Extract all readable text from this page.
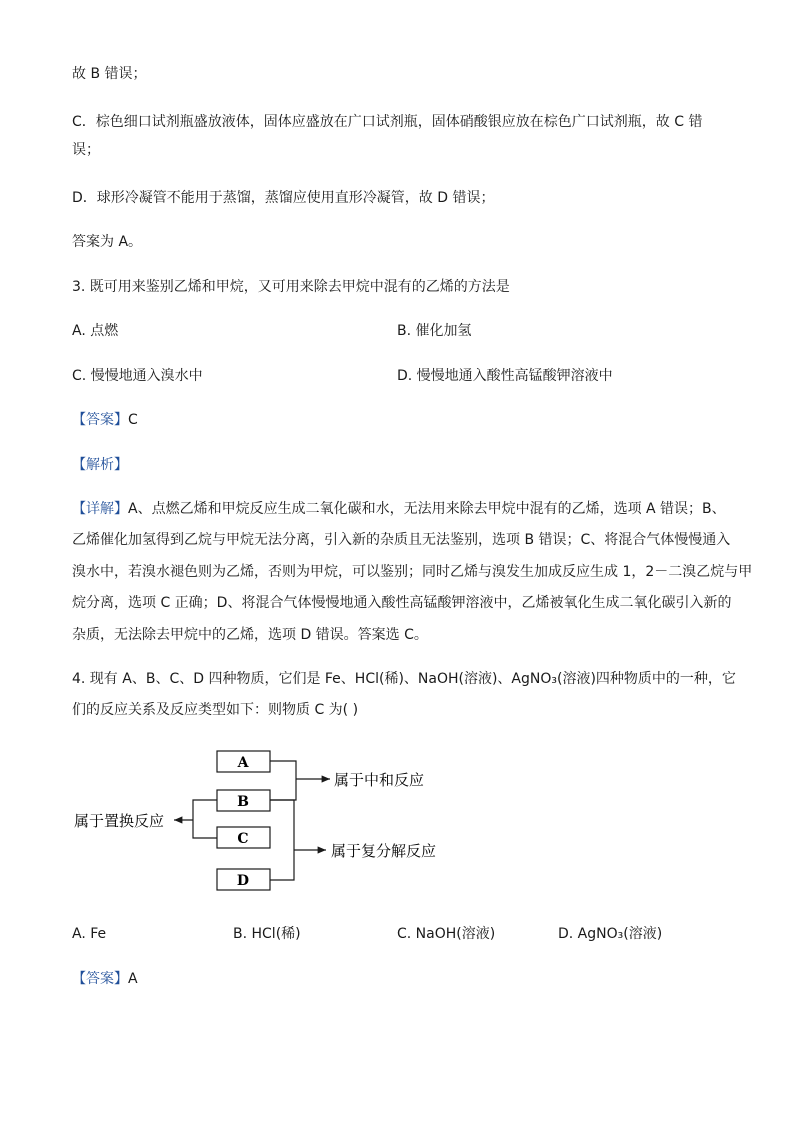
故 B 错误；
C．棕色细口试剂瓶盛放液体，固体应盛放在广口试剂瓶，固体硝酸银应放在棕色广口试剂瓶，故 C 错
误；
D．球形冷凝管不能用于蒸馏，蒸馏应使用直形冷凝管，故 D 错误；
答案为 A。
3. 既可用来鉴别乙烯和甲烷，又可用来除去甲烷中混有的乙烯的方法是
A. 点燃	B. 催化加氢
C. 慢慢地通入溴水中	D. 慢慢地通入酸性高锰酸钾溶液中
【答案】C
【解析】
【详解】A、点燃乙烯和甲烷反应生成二氧化碳和水，无法用来除去甲烷中混有的乙烯，选项 A 错误；B、
乙烯催化加氢得到乙烷与甲烷无法分离，引入新的杂质且无法鉴别，选项 B 错误；C、将混合气体慢慢通入
溴水中，若溴水褪色则为乙烯，否则为甲烷，可以鉴别；同时乙烯与溴发生加成反应生成 1，2－二溴乙烷与甲
烷分离，选项 C 正确；D、将混合气体慢慢地通入酸性高锰酸钾溶液中，乙烯被氧化生成二氧化碳引入新的
杂质，无法除去甲烷中的乙烯，选项 D 错误。答案选 C。
4. 现有 A、B、C、D 四种物质，它们是 Fe、HCl(稀)、NaOH(溶液)、AgNO₃(溶液)四种物质中的一种，它
们的反应关系及反应类型如下：则物质 C 为( )
A
B
C
D
属于中和反应
属于复分解反应
属于置换反应
A. Fe	B. HCl(稀)	C. NaOH(溶液)	D. AgNO₃(溶液)
【答案】A
